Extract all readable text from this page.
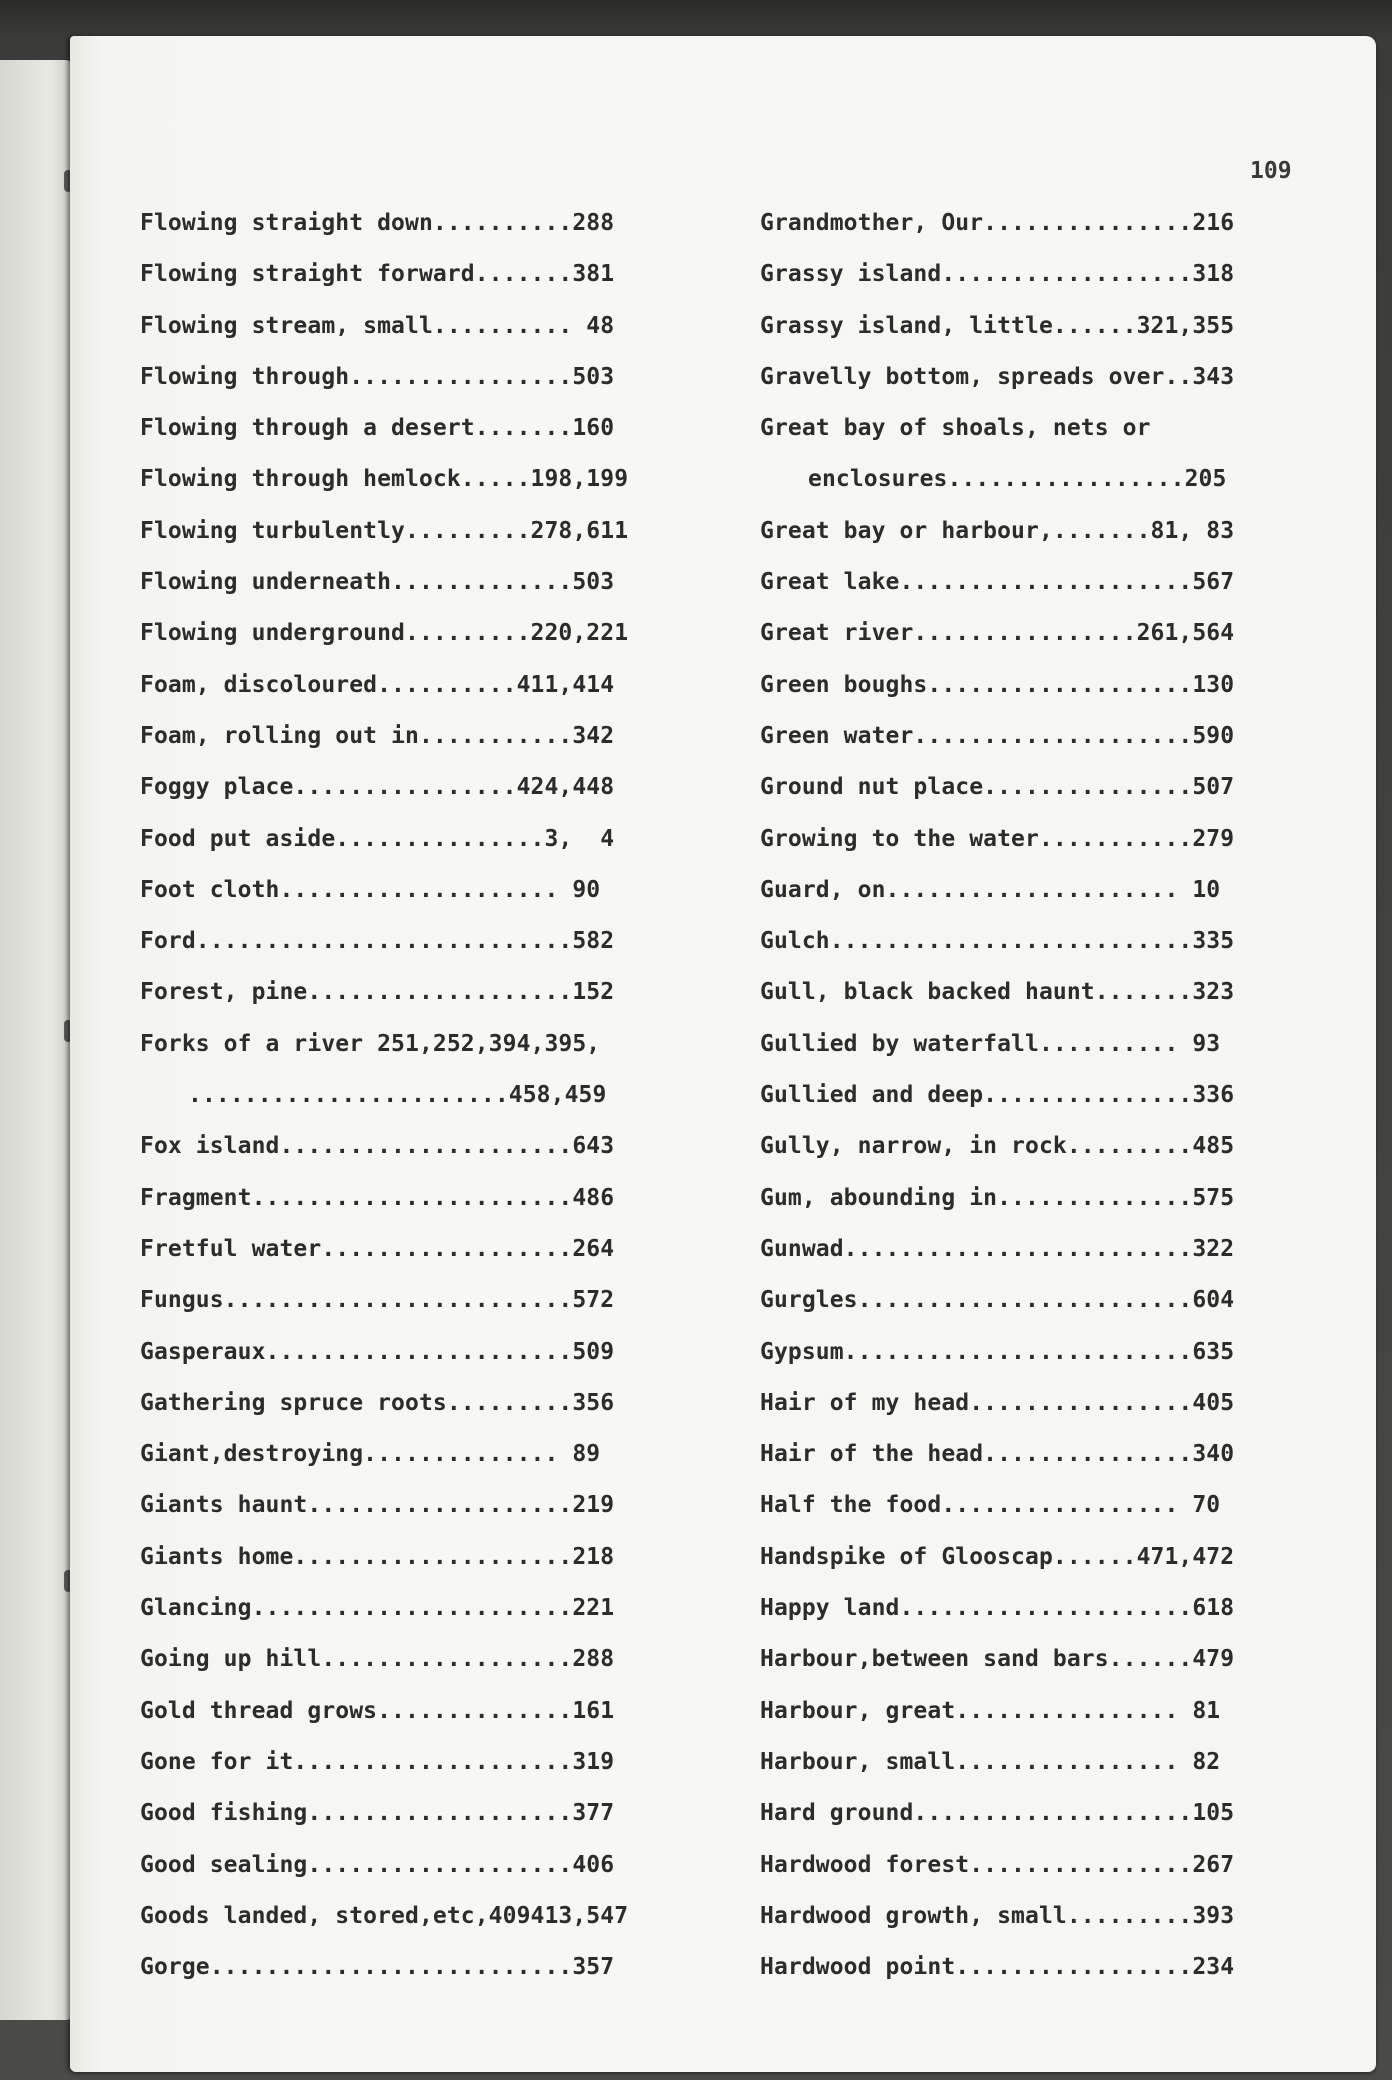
109
Flowing straight down..........288
Flowing straight forward.......381
Flowing stream, small.......... 48
Flowing through................503
Flowing through a desert.......160
Flowing through hemlock.....198,199
Flowing turbulently.........278,611
Flowing underneath.............503
Flowing underground.........220,221
Foam, discoloured..........411,414
Foam, rolling out in...........342
Foggy place................424,448
Food put aside...............3,  4
Foot cloth.................... 90
Ford...........................582
Forest, pine...................152
Forks of a river 251,252,394,395,
.......................458,459
Fox island.....................643
Fragment.......................486
Fretful water..................264
Fungus.........................572
Gasperaux......................509
Gathering spruce roots.........356
Giant,destroying.............. 89
Giants haunt...................219
Giants home....................218
Glancing.......................221
Going up hill..................288
Gold thread grows..............161
Gone for it....................319
Good fishing...................377
Good sealing...................406
Goods landed, stored,etc,409413,547
Gorge..........................357
Grandmother, Our...............216
Grassy island..................318
Grassy island, little......321,355
Gravelly bottom, spreads over..343
Great bay of shoals, nets or
enclosures.................205
Great bay or harbour,.......81, 83
Great lake.....................567
Great river................261,564
Green boughs...................130
Green water....................590
Ground nut place...............507
Growing to the water...........279
Guard, on..................... 10
Gulch..........................335
Gull, black backed haunt.......323
Gullied by waterfall.......... 93
Gullied and deep...............336
Gully, narrow, in rock.........485
Gum, abounding in..............575
Gunwad.........................322
Gurgles........................604
Gypsum.........................635
Hair of my head................405
Hair of the head...............340
Half the food................. 70
Handspike of Glooscap......471,472
Happy land.....................618
Harbour,between sand bars......479
Harbour, great................ 81
Harbour, small................ 82
Hard ground....................105
Hardwood forest................267
Hardwood growth, small.........393
Hardwood point.................234
